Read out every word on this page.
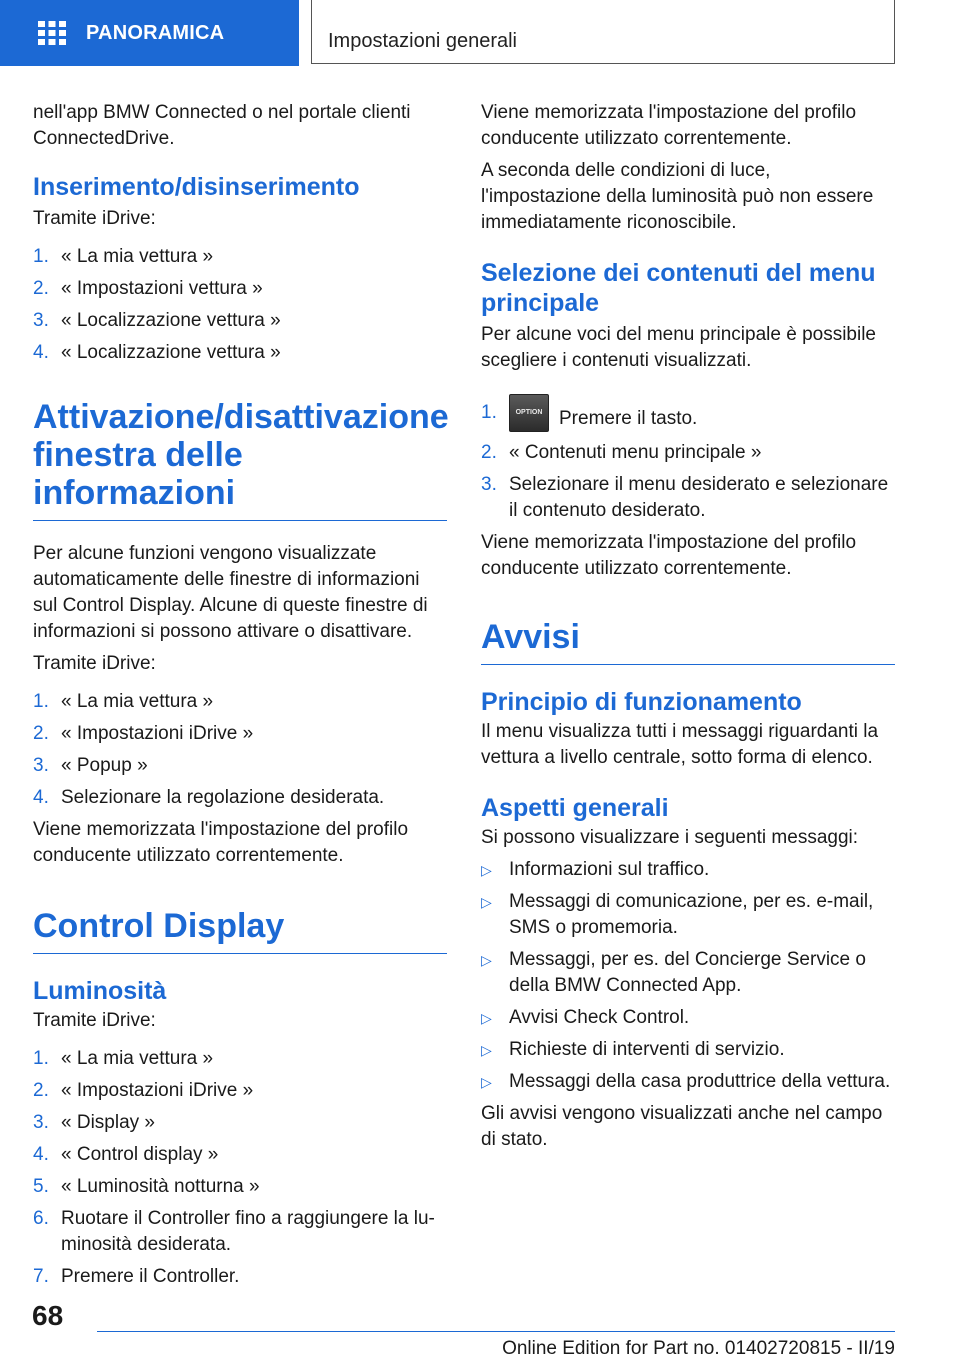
PANORAMICA	Impostazioni generali

nell'app BMW Connected o nel portale clienti ConnectedDrive.

Inserimento/disinserimento

Tramite iDrive:

1. « La mia vettura »
2. « Impostazioni vettura »
3. « Localizzazione vettura »
4. « Localizzazione vettura »
Attivazione/disattivazione finestra delle informazioni

Per alcune funzioni vengono visualizzate automaticamente delle finestre di informazioni sul Control Display. Alcune di queste finestre di informazioni si possono attivare o disattivare.

Tramite iDrive:

1. « La mia vettura »
2. « Impostazioni iDrive »
3. « Popup »
4. Selezionare la regolazione desiderata.

Viene memorizzata l'impostazione del profilo conducente utilizzato correntemente.

Control Display
Luminosità

Tramite iDrive:

1. « La mia vettura »
2. « Impostazioni iDrive »
3. « Display »
4. « Control display »
5. « Luminosità notturna »
6. Ruotare il Controller fino a raggiungere la luminosità desiderata.
7. Premere il Controller.

Viene memorizzata l'impostazione del profilo conducente utilizzato correntemente.

A seconda delle condizioni di luce, l'impostazione della luminosità può non essere immediatamente riconoscibile.

Selezione dei contenuti del menu principale

Per alcune voci del menu principale è possibile scegliere i contenuti visualizzati.

1.	OPTION Premere il tasto.
2. « Contenuti menu principale »
3. Selezionare il menu desiderato e selezionare il contenuto desiderato.

Viene memorizzata l'impostazione del profilo conducente utilizzato correntemente.

Avvisi
Principio di funzionamento

Il menu visualizza tutti i messaggi riguardanti la vettura a livello centrale, sotto forma di elenco.

Aspetti generali

Si possono visualizzare i seguenti messaggi:

▷ Informazioni sul traffico.
▷ Messaggi di comunicazione, per es. e-mail, SMS o promemoria.
▷ Messaggi, per es. del Concierge Service o della BMW Connected App.
▷ Avvisi Check Control.
▷ Richieste di interventi di servizio.
▷ Messaggi della casa produttrice della vettura.

Gli avvisi vengono visualizzati anche nel campo di stato.

68
Online Edition for Part no. 01402720815 - II/19
